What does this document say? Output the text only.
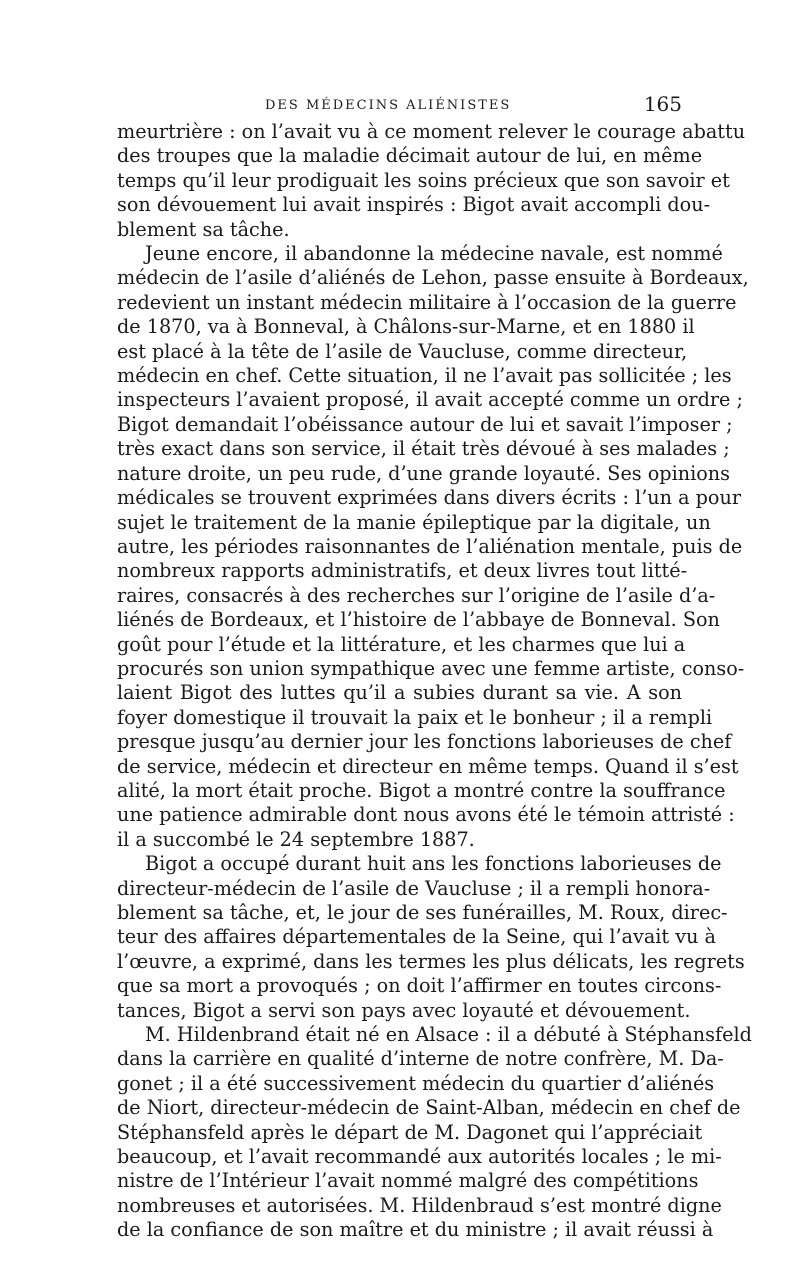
DES MÉDECINS ALIÉNISTES	165
meurtrière : on l’avait vu à ce moment relever le courage abattu
des troupes que la maladie décimait autour de lui, en même
temps qu’il leur prodiguait les soins précieux que son savoir et
son dévouement lui avait inspirés : Bigot avait accompli dou-
blement sa tâche.
Jeune encore, il abandonne la médecine navale, est nommé
médecin de l’asile d’aliénés de Lehon, passe ensuite à Bordeaux,
redevient un instant médecin militaire à l’occasion de la guerre
de 1870, va à Bonneval, à Châlons-sur-Marne, et en 1880 il
est placé à la tête de l’asile de Vaucluse, comme directeur,
médecin en chef. Cette situation, il ne l’avait pas sollicitée ; les
inspecteurs l’avaient proposé, il avait accepté comme un ordre ;
Bigot demandait l’obéissance autour de lui et savait l’imposer ;
très exact dans son service, il était très dévoué à ses malades ;
nature droite, un peu rude, d’une grande loyauté. Ses opinions
médicales se trouvent exprimées dans divers écrits : l’un a pour
sujet le traitement de la manie épileptique par la digitale, un
autre, les périodes raisonnantes de l’aliénation mentale, puis de
nombreux rapports administratifs, et deux livres tout litté-
raires, consacrés à des recherches sur l’origine de l’asile d’a-
liénés de Bordeaux, et l’histoire de l’abbaye de Bonneval. Son
goût pour l’étude et la littérature, et les charmes que lui a
procurés son union sympathique avec une femme artiste, conso-
laient Bigot des luttes qu’il a subies durant sa vie. A son
foyer domestique il trouvait la paix et le bonheur ; il a rempli
presque jusqu’au dernier jour les fonctions laborieuses de chef
de service, médecin et directeur en même temps. Quand il s’est
alité, la mort était proche. Bigot a montré contre la souffrance
une patience admirable dont nous avons été le témoin attristé :
il a succombé le 24 septembre 1887.
Bigot a occupé durant huit ans les fonctions laborieuses de
directeur-médecin de l’asile de Vaucluse ; il a rempli honora-
blement sa tâche, et, le jour de ses funérailles, M. Roux, direc-
teur des affaires départementales de la Seine, qui l’avait vu à
l’œuvre, a exprimé, dans les termes les plus délicats, les regrets
que sa mort a provoqués ; on doit l’affirmer en toutes circons-
tances, Bigot a servi son pays avec loyauté et dévouement.
M. Hildenbrand était né en Alsace : il a débuté à Stéphansfeld
dans la carrière en qualité d’interne de notre confrère, M. Da-
gonet ; il a été successivement médecin du quartier d’aliénés
de Niort, directeur-médecin de Saint-Alban, médecin en chef de
Stéphansfeld après le départ de M. Dagonet qui l’appréciait
beaucoup, et l’avait recommandé aux autorités locales ; le mi-
nistre de l’Intérieur l’avait nommé malgré des compétitions
nombreuses et autorisées. M. Hildenbraud s’est montré digne
de la confiance de son maître et du ministre ; il avait réussi à
